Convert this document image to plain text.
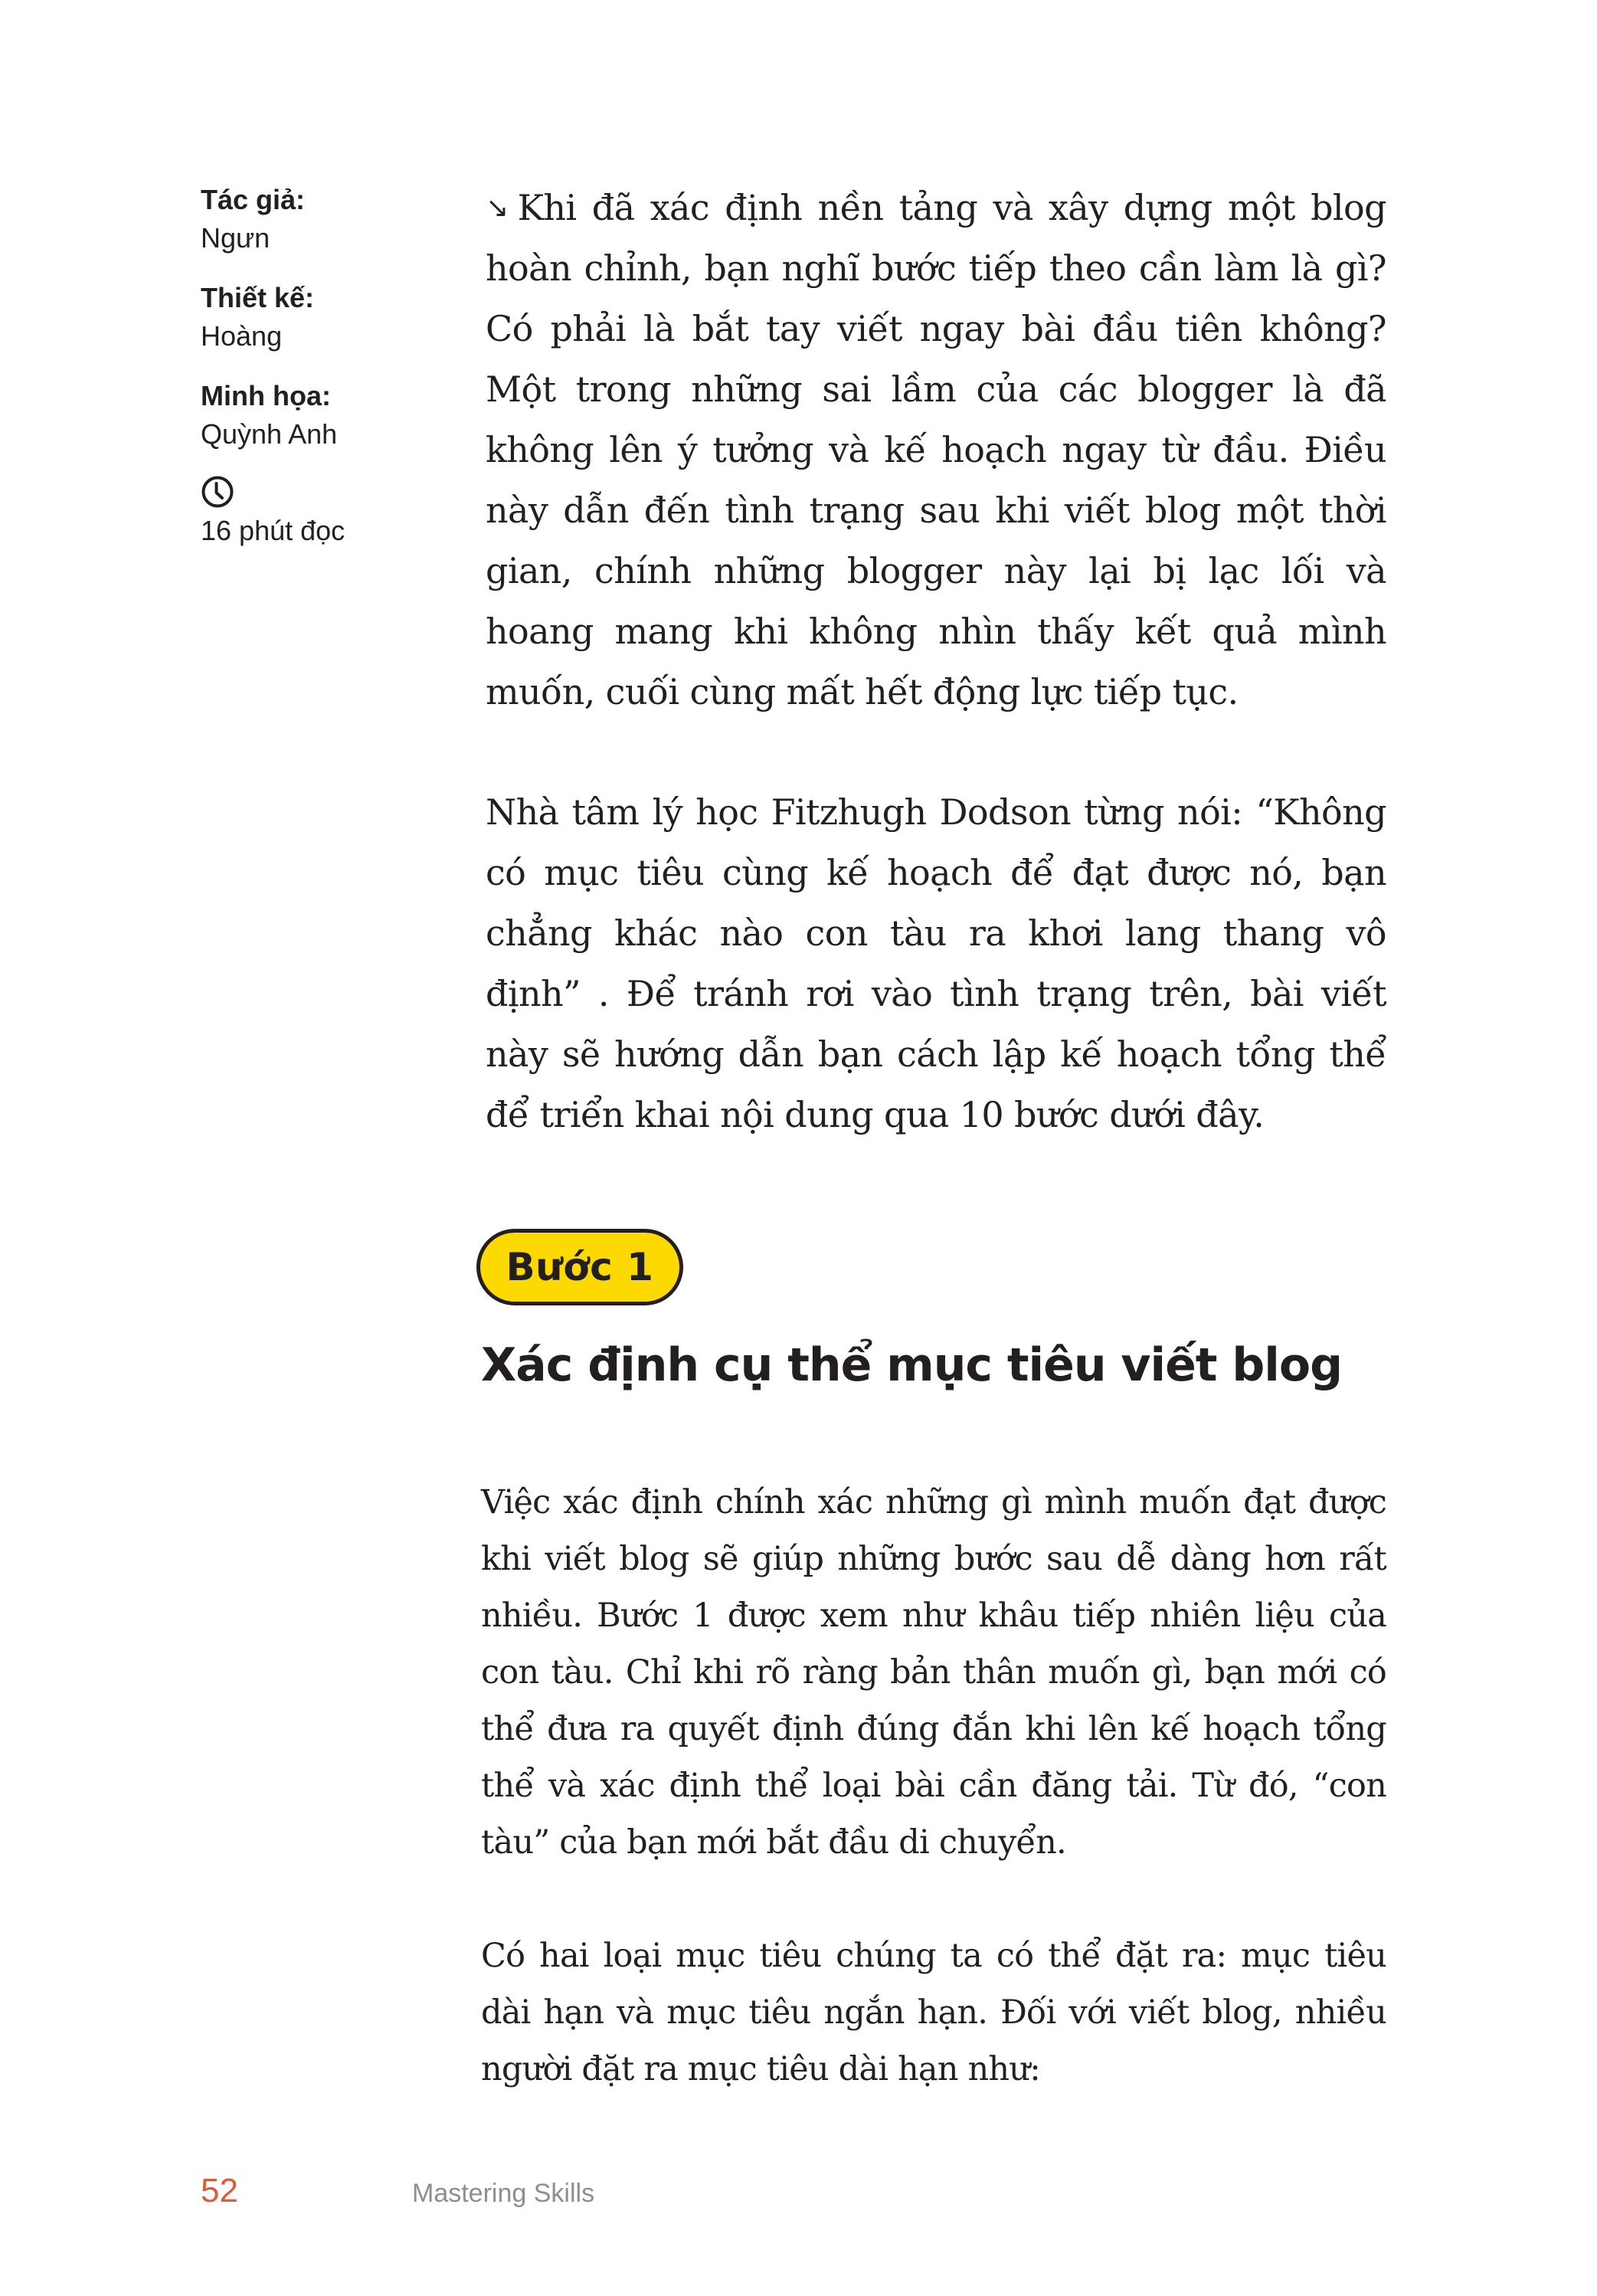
Tác giả:
Ngưn
Thiết kế:
Hoàng
Minh họa:
Quỳnh Anh
16 phút đọc

↘ Khi đã xác định nền tảng và xây dựng một blog hoàn chỉnh, bạn nghĩ bước tiếp theo cần làm là gì? Có phải là bắt tay viết ngay bài đầu tiên không? Một trong những sai lầm của các blogger là đã không lên ý tưởng và kế hoạch ngay từ đầu. Điều này dẫn đến tình trạng sau khi viết blog một thời gian, chính những blogger này lại bị lạc lối và hoang mang khi không nhìn thấy kết quả mình muốn, cuối cùng mất hết động lực tiếp tục.

Nhà tâm lý học Fitzhugh Dodson từng nói: “Không có mục tiêu cùng kế hoạch để đạt được nó, bạn chẳng khác nào con tàu ra khơi lang thang vô định” . Để tránh rơi vào tình trạng trên, bài viết này sẽ hướng dẫn bạn cách lập kế hoạch tổng thể để triển khai nội dung qua 10 bước dưới đây.

Bước 1
Xác định cụ thể mục tiêu viết blog

Việc xác định chính xác những gì mình muốn đạt được khi viết blog sẽ giúp những bước sau dễ dàng hơn rất nhiều. Bước 1 được xem như khâu tiếp nhiên liệu của con tàu. Chỉ khi rõ ràng bản thân muốn gì, bạn mới có thể đưa ra quyết định đúng đắn khi lên kế hoạch tổng thể và xác định thể loại bài cần đăng tải. Từ đó, “con tàu” của bạn mới bắt đầu di chuyển.

Có hai loại mục tiêu chúng ta có thể đặt ra: mục tiêu dài hạn và mục tiêu ngắn hạn. Đối với viết blog, nhiều người đặt ra mục tiêu dài hạn như:

52	Mastering Skills
